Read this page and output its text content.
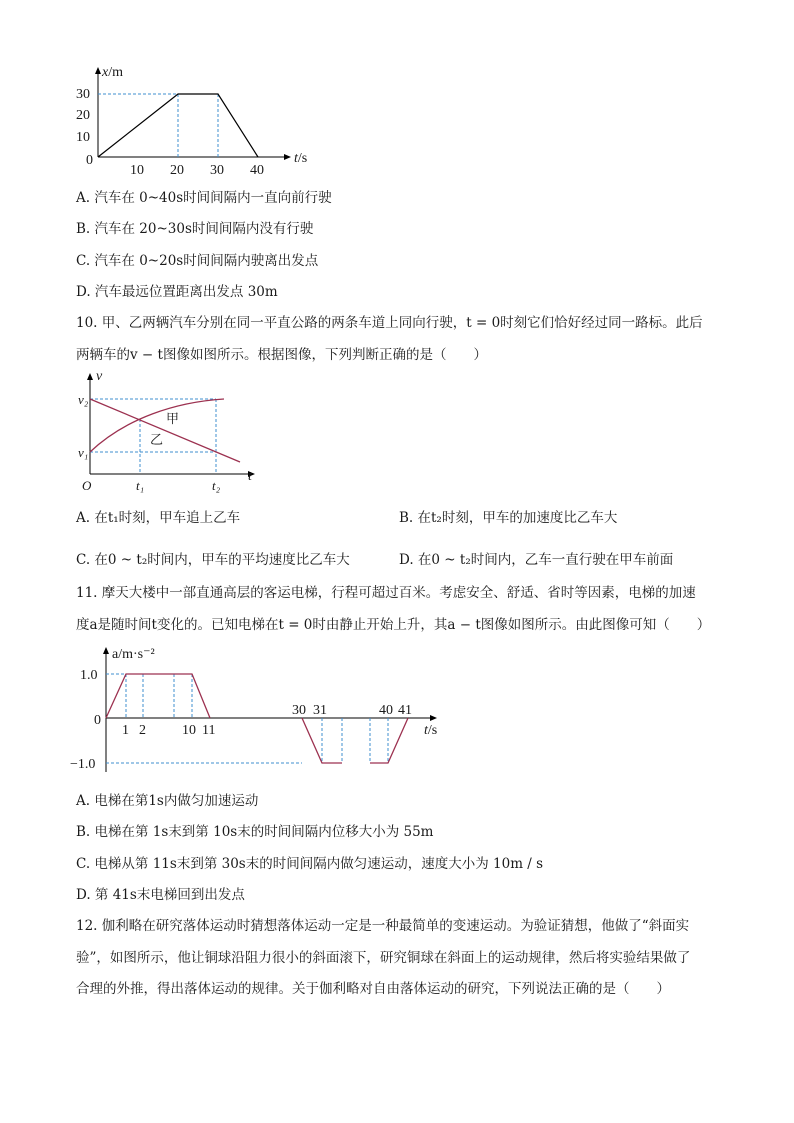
x/m
0
30
20
10
10 20 30 40
t/s
A. 汽车在 0~40s时间间隔内一直向前行驶
B. 汽车在 20~30s时间间隔内没有行驶
C. 汽车在 0~20s时间间隔内驶离出发点
D. 汽车最远位置距离出发点 30m
10. 甲、乙两辆汽车分别在同一平直公路的两条车道上同向行驶，t = 0时刻它们恰好经过同一路标。此后
两辆车的v − t图像如图所示。根据图像，下列判断正确的是（　　）
v
v₂
v₁
O	t₁	t₂
t
甲
乙
A. 在t₁时刻，甲车追上乙车	B. 在t₂时刻，甲车的加速度比乙车大
C. 在0 ~ t₂时间内，甲车的平均速度比乙车大	D. 在0 ~ t₂时间内，乙车一直行驶在甲车前面
11. 摩天大楼中一部直通高层的客运电梯，行程可超过百米。考虑安全、舒适、省时等因素，电梯的加速
度a是随时间t变化的。已知电梯在t = 0时由静止开始上升，其a − t图像如图所示。由此图像可知（　　）
a/m·s⁻²
1.0
−1.0
0
1 2	10 11
30 31	40 41
t/s
A. 电梯在第1s内做匀加速运动
B. 电梯在第 1s末到第 10s末的时间间隔内位移大小为 55m
C. 电梯从第 11s末到第 30s末的时间间隔内做匀速运动，速度大小为 10m / s
D. 第 41s末电梯回到出发点
12. 伽利略在研究落体运动时猜想落体运动一定是一种最简单的变速运动。为验证猜想，他做了“斜面实
验”，如图所示，他让铜球沿阻力很小的斜面滚下，研究铜球在斜面上的运动规律，然后将实验结果做了
合理的外推，得出落体运动的规律。关于伽利略对自由落体运动的研究，下列说法正确的是（　　）
